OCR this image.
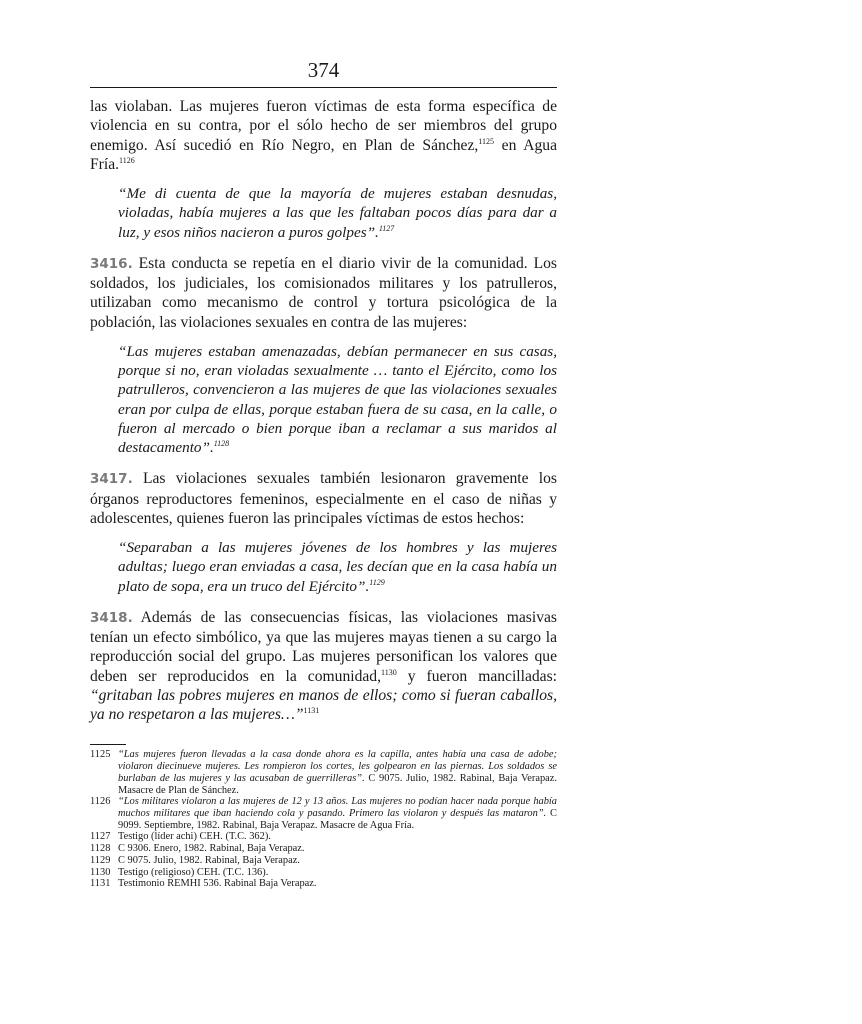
374

las violaban. Las mujeres fueron víctimas de esta forma específica de violencia en su contra, por el sólo hecho de ser miembros del grupo enemigo. Así sucedió en Río Negro, en Plan de Sánchez,$^{1125}$ en Agua Fría.$^{1126}$

“Me di cuenta de que la mayoría de mujeres estaban desnudas, violadas, había mujeres a las que les faltaban pocos días para dar a luz, y esos niños nacieron a puros golpes”.$^{1127}$

3416. Esta conducta se repetía en el diario vivir de la comunidad. Los soldados, los judiciales, los comisionados militares y los patrulleros, utilizaban como mecanismo de control y tortura psicológica de la población, las violaciones sexuales en contra de las mujeres:

“Las mujeres estaban amenazadas, debían permanecer en sus casas, porque si no, eran violadas sexualmente … tanto el Ejército, como los patrulleros, convencieron a las mujeres de que las violaciones sexuales eran por culpa de ellas, porque estaban fuera de su casa, en la calle, o fueron al mercado o bien porque iban a reclamar a sus maridos al destacamento”.$^{1128}$

3417. Las violaciones sexuales también lesionaron gravemente los órganos reproductores femeninos, especialmente en el caso de niñas y adolescentes, quienes fueron las principales víctimas de estos hechos:

“Separaban a las mujeres jóvenes de los hombres y las mujeres adultas; luego eran enviadas a casa, les decían que en la casa había un plato de sopa, era un truco del Ejército”.$^{1129}$

3418. Además de las consecuencias físicas, las violaciones masivas tenían un efecto simbólico, ya que las mujeres mayas tienen a su cargo la reproducción social del grupo. Las mujeres personifican los valores que deben ser reproducidos en la comunidad,$^{1130}$ y fueron mancilladas: “gritaban las pobres mujeres en manos de ellos; como si fueran caballos, ya no respetaron a las mujeres…”$^{1131}$

1125 “Las mujeres fueron llevadas a la casa donde ahora es la capilla, antes había una casa de adobe; violaron diecinueve mujeres. Les rompieron los cortes, les golpearon en las piernas. Los soldados se burlaban de las mujeres y las acusaban de guerrilleras”. C 9075. Julio, 1982. Rabinal, Baja Verapaz. Masacre de Plan de Sánchez.
1126 “Los militares violaron a las mujeres de 12 y 13 años. Las mujeres no podían hacer nada porque había muchos militares que iban haciendo cola y pasando. Primero las violaron y después las mataron”. C 9099. Septiembre, 1982. Rabinal, Baja Verapaz. Masacre de Agua Fría.
1127 Testigo (líder achi) CEH. (T.C. 362).
1128 C 9306. Enero, 1982. Rabinal, Baja Verapaz.
1129 C 9075. Julio, 1982. Rabinal, Baja Verapaz.
1130 Testigo (religioso) CEH. (T.C. 136).
1131 Testimonio REMHI 536. Rabinal Baja Verapaz.
